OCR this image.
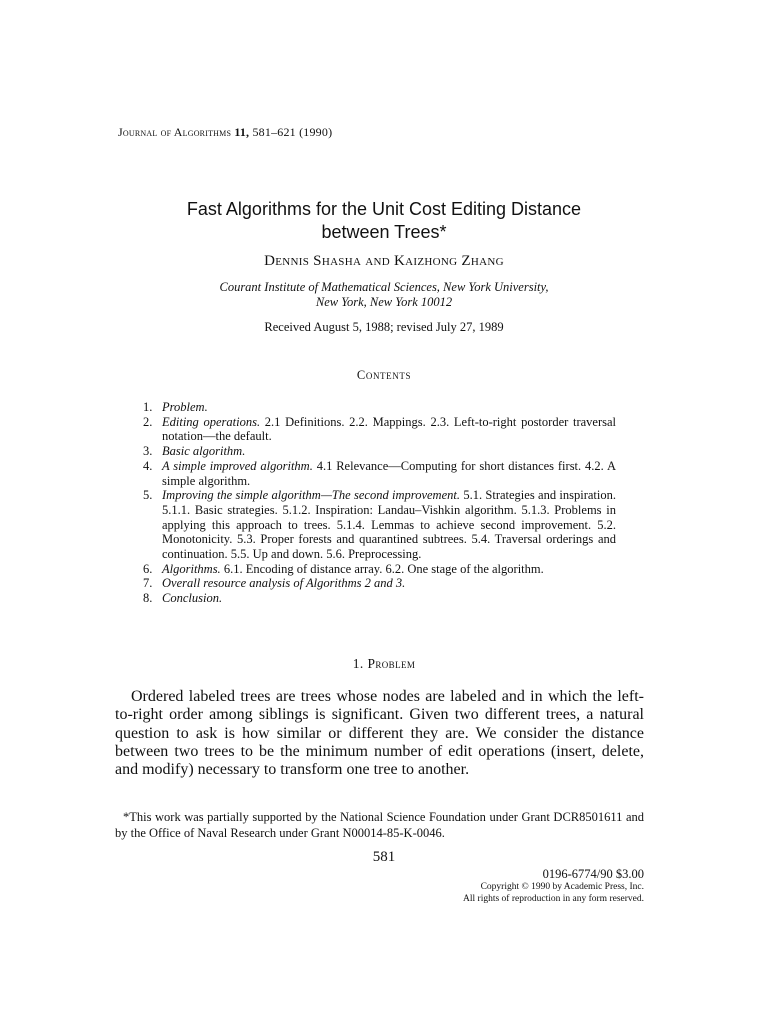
Journal of Algorithms 11, 581–621 (1990)
Fast Algorithms for the Unit Cost Editing Distance
between Trees*
Dennis Shasha and Kaizhong Zhang
Courant Institute of Mathematical Sciences, New York University,
New York, New York 10012
Received August 5, 1988; revised July 27, 1989
Contents
1. Problem.
2. Editing operations. 2.1 Definitions. 2.2. Mappings. 2.3. Left-to-right postorder traversal notation—the default.
3. Basic algorithm.
4. A simple improved algorithm. 4.1 Relevance—Computing for short distances first. 4.2. A simple algorithm.
5. Improving the simple algorithm—The second improvement. 5.1. Strategies and inspiration. 5.1.1. Basic strategies. 5.1.2. Inspiration: Landau–Vishkin algorithm. 5.1.3. Problems in applying this approach to trees. 5.1.4. Lemmas to achieve second improvement. 5.2. Monotonicity. 5.3. Proper forests and quarantined subtrees. 5.4. Traversal orderings and continuation. 5.5. Up and down. 5.6. Preprocessing.
6. Algorithms. 6.1. Encoding of distance array. 6.2. One stage of the algorithm.
7. Overall resource analysis of Algorithms 2 and 3.
8. Conclusion.
1. Problem

Ordered labeled trees are trees whose nodes are labeled and in which the left-to-right order among siblings is significant. Given two different trees, a natural question to ask is how similar or different they are. We consider the distance between two trees to be the minimum number of edit operations (insert, delete, and modify) necessary to transform one tree to another.

*This work was partially supported by the National Science Foundation under Grant DCR8501611 and by the Office of Naval Research under Grant N00014-85-K-0046.

581
0196-6774/90 $3.00
Copyright © 1990 by Academic Press, Inc.
All rights of reproduction in any form reserved.
